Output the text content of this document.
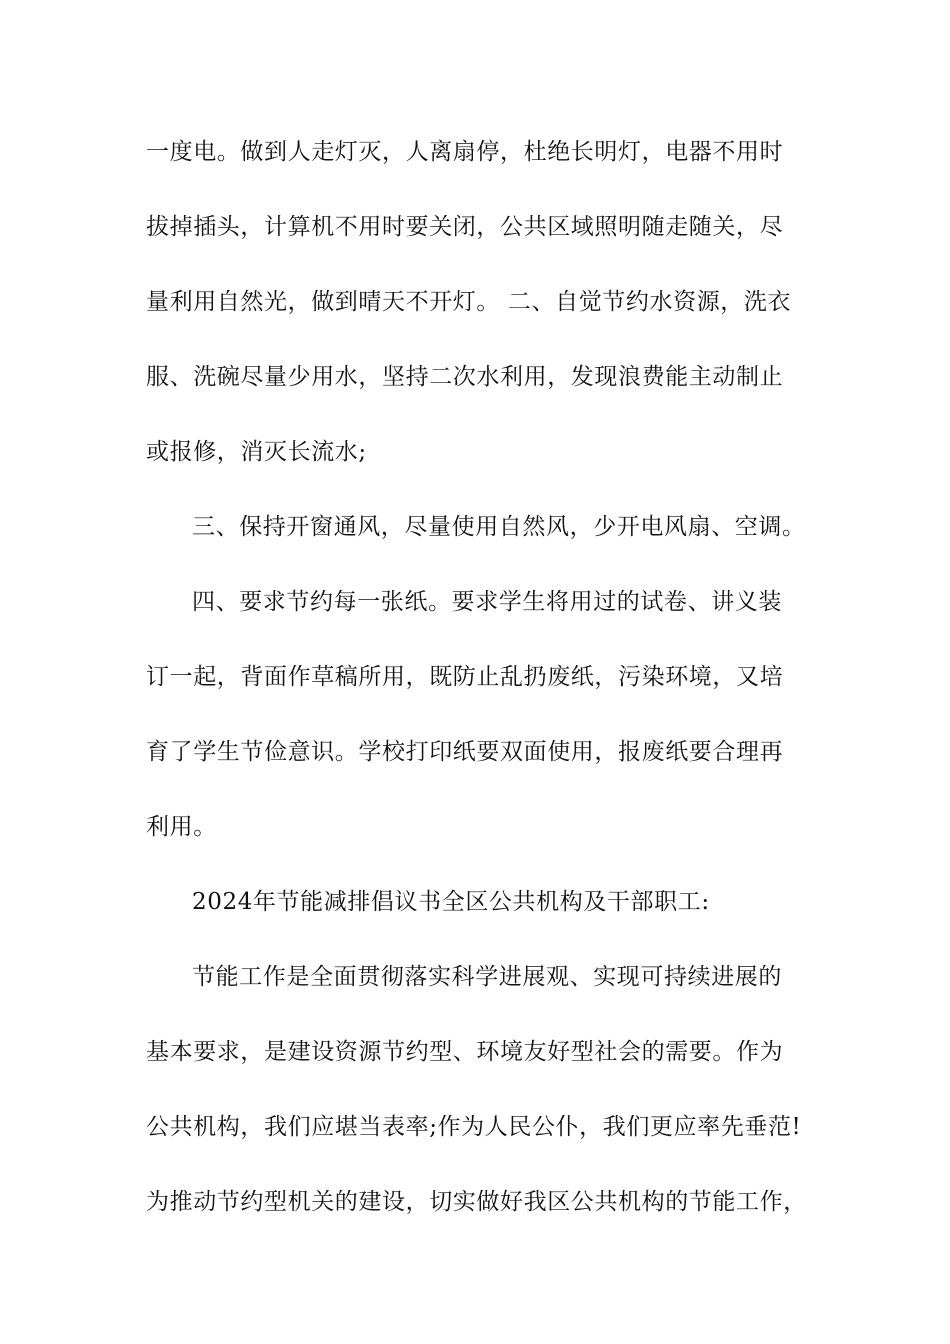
一度电。做到人走灯灭，人离扇停，杜绝长明灯，电器不用时
拔掉插头，计算机不用时要关闭，公共区域照明随走随关，尽
量利用自然光，做到晴天不开灯。 二、自觉节约水资源，洗衣
服、洗碗尽量少用水，坚持二次水利用，发现浪费能主动制止
或报修，消灭长流水;
三、保持开窗通风，尽量使用自然风，少开电风扇、空调。
四、要求节约每一张纸。要求学生将用过的试卷、讲义装
订一起，背面作草稿所用，既防止乱扔废纸，污染环境，又培
育了学生节俭意识。学校打印纸要双面使用，报废纸要合理再
利用。
2024年节能减排倡议书全区公共机构及干部职工:
节能工作是全面贯彻落实科学进展观、实现可持续进展的
基本要求，是建设资源节约型、环境友好型社会的需要。作为
公共机构，我们应堪当表率;作为人民公仆，我们更应率先垂范!
为推动节约型机关的建设，切实做好我区公共机构的节能工作，
